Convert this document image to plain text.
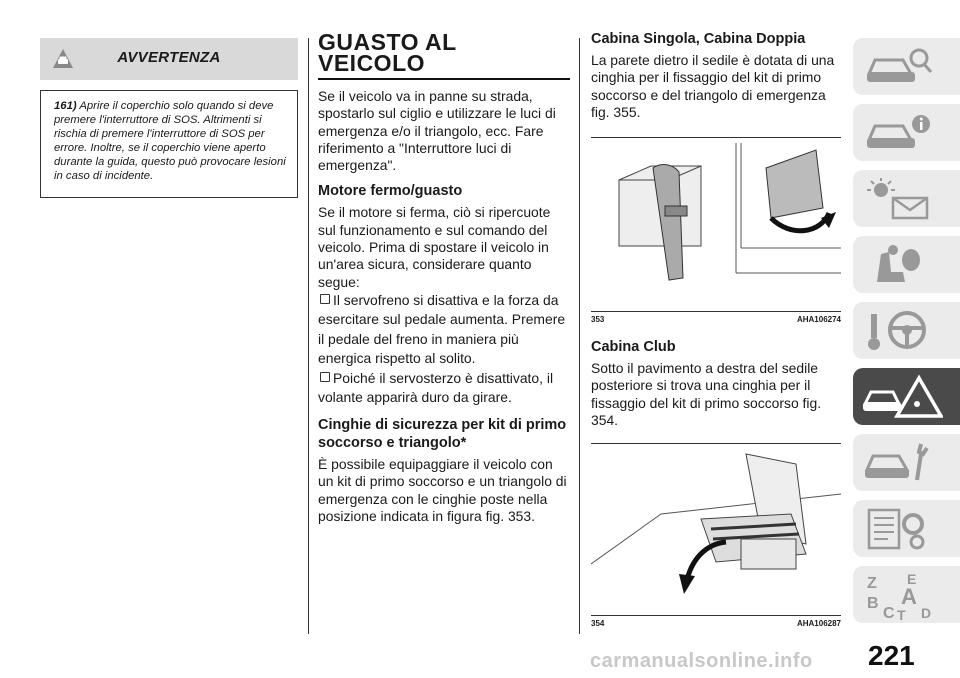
AVVERTENZA
161) Aprire il coperchio solo quando si deve premere l'interruttore di SOS. Altrimenti si rischia di premere l'interruttore di SOS per errore. Inoltre, se il coperchio viene aperto durante la guida, questo può provocare lesioni in caso di incidente.
GUASTO AL
VEICOLO
Se il veicolo va in panne su strada, spostarlo sul ciglio e utilizzare le luci di emergenza e/o il triangolo, ecc. Fare riferimento a "Interruttore luci di emergenza".
Motore fermo/guasto
Se il motore si ferma, ciò si ripercuote sul funzionamento e sul comando del veicolo. Prima di spostare il veicolo in un'area sicura, considerare quanto segue:
Il servofreno si disattiva e la forza da esercitare sul pedale aumenta. Premere il pedale del freno in maniera più energica rispetto al solito.
Poiché il servosterzo è disattivato, il volante apparirà duro da girare.
Cinghie di sicurezza per kit di primo soccorso e triangolo*
È possibile equipaggiare il veicolo con un kit di primo soccorso e un triangolo di emergenza con le cinghie poste nella posizione indicata in figura fig. 353.
Cabina Singola, Cabina Doppia
La parete dietro il sedile è dotata di una cinghia per il fissaggio del kit di primo soccorso e del triangolo di emergenza fig. 355.
353	AHA106274
Cabina Club
Sotto il pavimento a destra del sedile posteriore si trova una cinghia per il fissaggio del kit di primo soccorso fig. 354.
354	AHA106287
Z E
B A
C D
T
carmanualsonline.info 221
